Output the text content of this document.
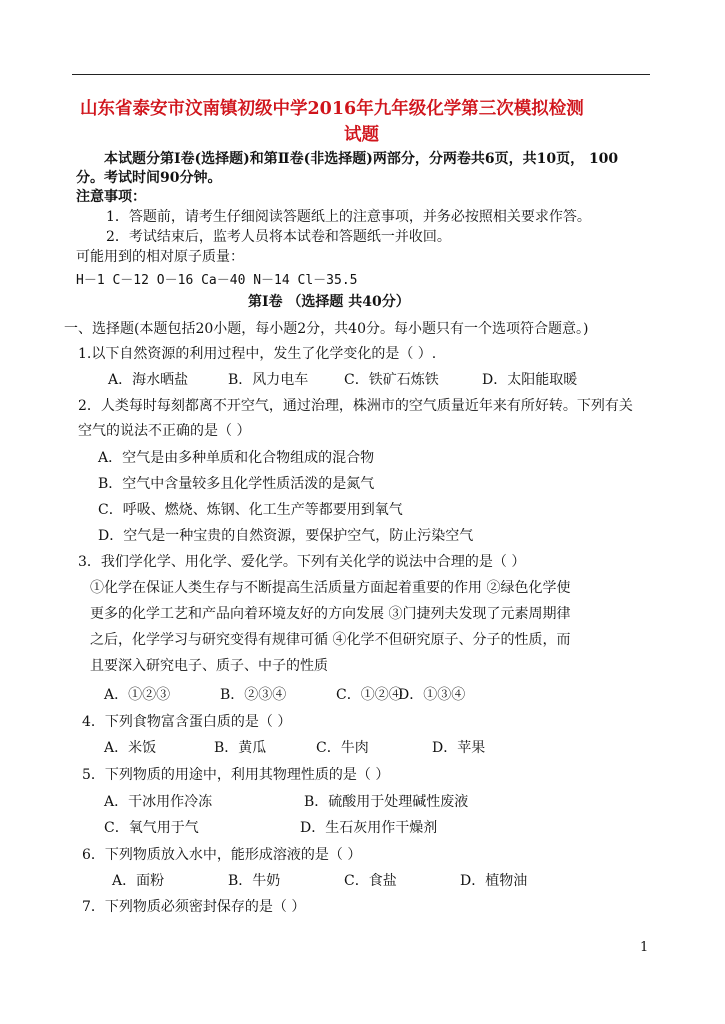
山东省泰安市汶南镇初级中学2016年九年级化学第三次模拟检测
试题
本试题分第Ⅰ卷(选择题)和第Ⅱ卷(非选择题)两部分，分两卷共6页，共10页， 100
分。考试时间90分钟。
注意事项：
1．答题前，请考生仔细阅读答题纸上的注意事项，并务必按照相关要求作答。
2．考试结束后，监考人员将本试卷和答题纸一并收回。
可能用到的相对原子质量：
H－1 C－12 O－16 Ca－40 N－14 Cl－35.5
第Ⅰ卷 （选择题 共40分）
一、选择题(本题包括20小题，每小题2分，共40分。每小题只有一个选项符合题意。)
1.以下自然资源的利用过程中，发生了化学变化的是（ ）.
A．海水晒盐	B．风力电车	C．铁矿石炼铁	D．太阳能取暖
2．人类每时每刻都离不开空气，通过治理，株洲市的空气质量近年来有所好转。下列有关
空气的说法不正确的是（ ）
A．空气是由多种单质和化合物组成的混合物
B．空气中含量较多且化学性质活泼的是氮气
C．呼吸、燃烧、炼钢、化工生产等都要用到氧气
D．空气是一种宝贵的自然资源，要保护空气，防止污染空气
3．我们学化学、用化学、爱化学。下列有关化学的说法中合理的是（ ）
①化学在保证人类生存与不断提高生活质量方面起着重要的作用 ②绿色化学使
更多的化学工艺和产品向着环境友好的方向发展 ③门捷列夫发现了元素周期律
之后，化学学习与研究变得有规律可循 ④化学不但研究原子、分子的性质，而
且要深入研究电子、质子、中子的性质
A．①②③	B．②③④	C．①②④
D．①③④
4．下列食物富含蛋白质的是（ ）
A．米饭	B．黄瓜	C．牛肉	D．苹果
5．下列物质的用途中，利用其物理性质的是（ ）
A．干冰用作冷冻	B．硫酸用于处理碱性废液
C．氧气用于气	D．生石灰用作干燥剂
6．下列物质放入水中，能形成溶液的是（ ）
A．面粉	B．牛奶	C．食盐	D．植物油
7．下列物质必须密封保存的是（ ）
1
